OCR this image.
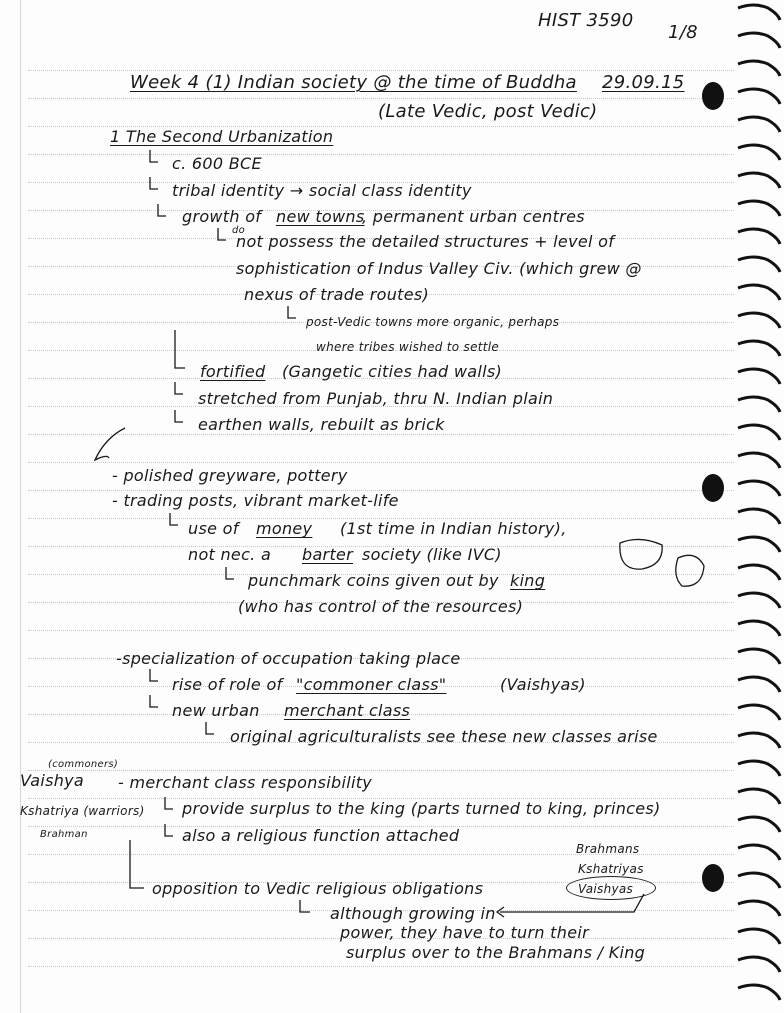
HIST 3590
1/8
Week 4 (1) Indian society @ the time of Buddha 29.09.15
(Late Vedic, post Vedic)
1 The Second Urbanization
c. 600 BCE
tribal identity → social class identity
growth of new towns
, permanent urban centres
do
not possess the detailed structures + level of
sophistication of Indus Valley Civ. (which grew @
nexus of trade routes)
post-Vedic towns more organic, perhaps
where tribes wished to settle
fortified (Gangetic cities had walls)
stretched from Punjab, thru N. Indian plain
earthen walls, rebuilt as brick
- polished greyware, pottery
- trading posts, vibrant market-life
use of money (1st time in Indian history),
not nec. a barter society (like IVC)
punchmark coins given out by king
(who has control of the resources)
-specialization of occupation taking place
rise of role of "commoner class"	(Vaishyas)
new urban merchant class
original agriculturalists see these new classes arise
(commoners)
Vaishya - merchant class responsibility
Kshatriya (warriors) provide surplus to the king (parts turned to king, princes)
Brahman	also a religious function attached
Brahmans
Kshatriyas
Vaishyas
opposition to Vedic religious obligations
although growing in
power, they have to turn their
surplus over to the Brahmans / King
